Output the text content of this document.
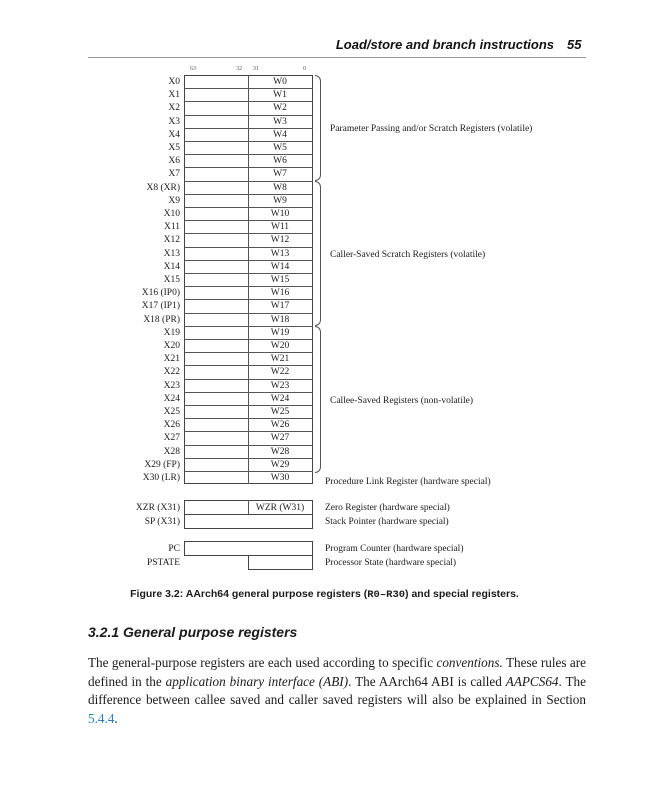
Load/store and branch instructions 55
63	32 31	0
X0	W0
X1	W1
X2	W2
X3	W3
X4	W4
X5	W5
X6	W6
X7	W7
X8 (XR)	W8
X9	W9
X10	W10
X11	W11
X12	W12
X13	W13
X14	W14
X15	W15
X16 (IP0)	W16
X17 (IP1)	W17
X18 (PR)	W18
X19	W19
X20	W20
X21	W21
X22	W22
X23	W23
X24	W24
X25	W25
X26	W26
X27	W27
X28	W28
X29 (FP)	W29
X30 (LR)	W30
Parameter Passing and/or Scratch Registers (volatile)
Caller-Saved Scratch Registers (volatile)
Callee-Saved Registers (non-volatile)
Procedure Link Register (hardware special)
XZR (X31)	WZR (W31)	Zero Register (hardware special)
SP (X31)	Stack Pointer (hardware special)
PC	Program Counter (hardware special)
PSTATE	Processor State (hardware special)
Figure 3.2: AArch64 general purpose registers (R0–R30) and special registers.
3.2.1 General purpose registers
The general-purpose registers are each used according to specific conventions. These rules are defined in the application binary interface (ABI). The AArch64 ABI is called AAPCS64. The difference between callee saved and caller saved registers will also be explained in Section 5.4.4.
